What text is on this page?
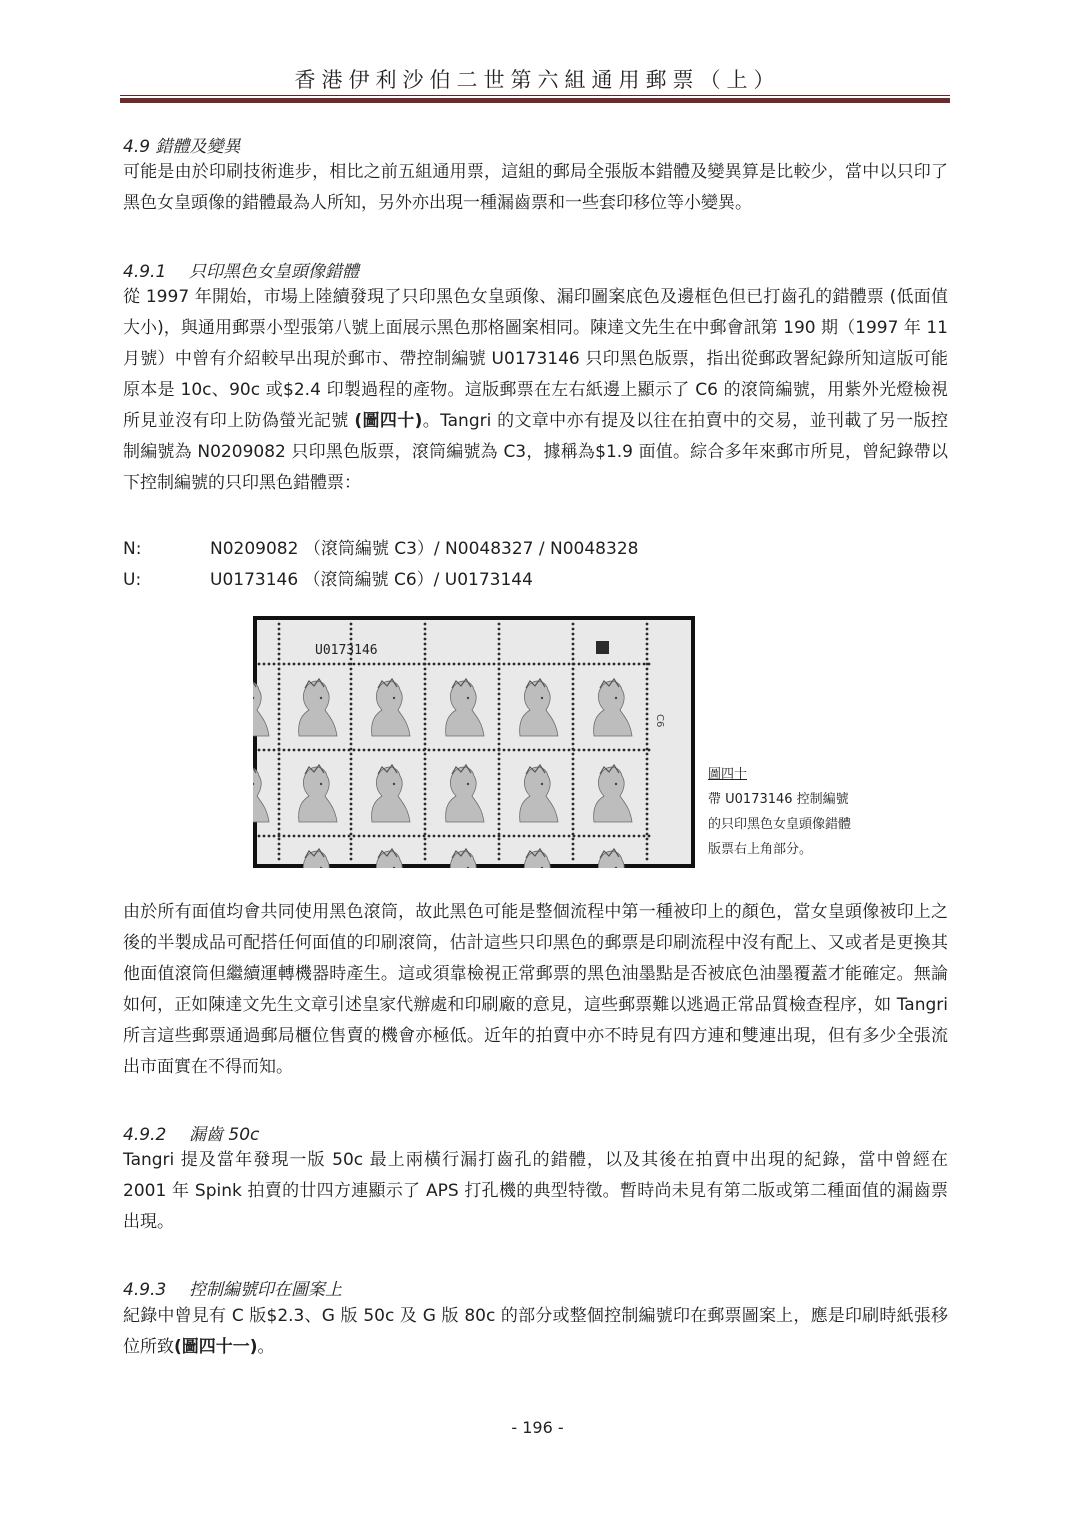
香港伊利沙伯二世第六組通用郵票（上）
4.9 錯體及變異
可能是由於印刷技術進步，相比之前五組通用票，這組的郵局全張版本錯體及變異算是比較少，當中以只印了黑色女皇頭像的錯體最為人所知，另外亦出現一種漏齒票和一些套印移位等小變異。
4.9.1 只印黑色女皇頭像錯體
從 1997 年開始，市場上陸續發現了只印黑色女皇頭像、漏印圖案底色及邊框色但已打齒孔的錯體票 (低面值大小)，與通用郵票小型張第八號上面展示黑色那格圖案相同。陳達文先生在中郵會訊第 190 期（1997 年 11 月號）中曾有介紹較早出現於郵市、帶控制編號 U0173146 只印黑色版票，指出從郵政署紀錄所知這版可能原本是 10c、90c 或$2.4 印製過程的產物。這版郵票在左右紙邊上顯示了 C6 的滾筒編號，用紫外光燈檢視所見並沒有印上防偽螢光記號 (圖四十)。Tangri 的文章中亦有提及以往在拍賣中的交易，並刊載了另一版控制編號為 N0209082 只印黑色版票，滾筒編號為 C3，據稱為$1.9 面值。綜合多年來郵市所見，曾紀錄帶以下控制編號的只印黑色錯體票：
N:	N0209082 （滾筒編號 C3）/ N0048327 / N0048328
U:	U0173146 （滾筒編號 C6）/ U0173144
U0173146
C6
圖四十
帶 U0173146 控制編號
的只印黑色女皇頭像錯體
版票右上角部分。
由於所有面值均會共同使用黑色滾筒，故此黑色可能是整個流程中第一種被印上的顏色，當女皇頭像被印上之後的半製成品可配搭任何面值的印刷滾筒，估計這些只印黑色的郵票是印刷流程中沒有配上、又或者是更換其他面值滾筒但繼續運轉機器時產生。這或須靠檢視正常郵票的黑色油墨點是否被底色油墨覆蓋才能確定。無論如何，正如陳達文先生文章引述皇家代辦處和印刷廠的意見，這些郵票難以逃過正常品質檢查程序，如 Tangri 所言這些郵票通過郵局櫃位售賣的機會亦極低。近年的拍賣中亦不時見有四方連和雙連出現，但有多少全張流出市面實在不得而知。
4.9.2 漏齒 50c
Tangri 提及當年發現一版 50c 最上兩橫行漏打齒孔的錯體，以及其後在拍賣中出現的紀錄，當中曾經在 2001 年 Spink 拍賣的廿四方連顯示了 APS 打孔機的典型特徵。暫時尚未見有第二版或第二種面值的漏齒票出現。
4.9.3 控制編號印在圖案上
紀錄中曾見有 C 版$2.3、G 版 50c 及 G 版 80c 的部分或整個控制編號印在郵票圖案上，應是印刷時紙張移位所致(圖四十一)。
- 196 -
